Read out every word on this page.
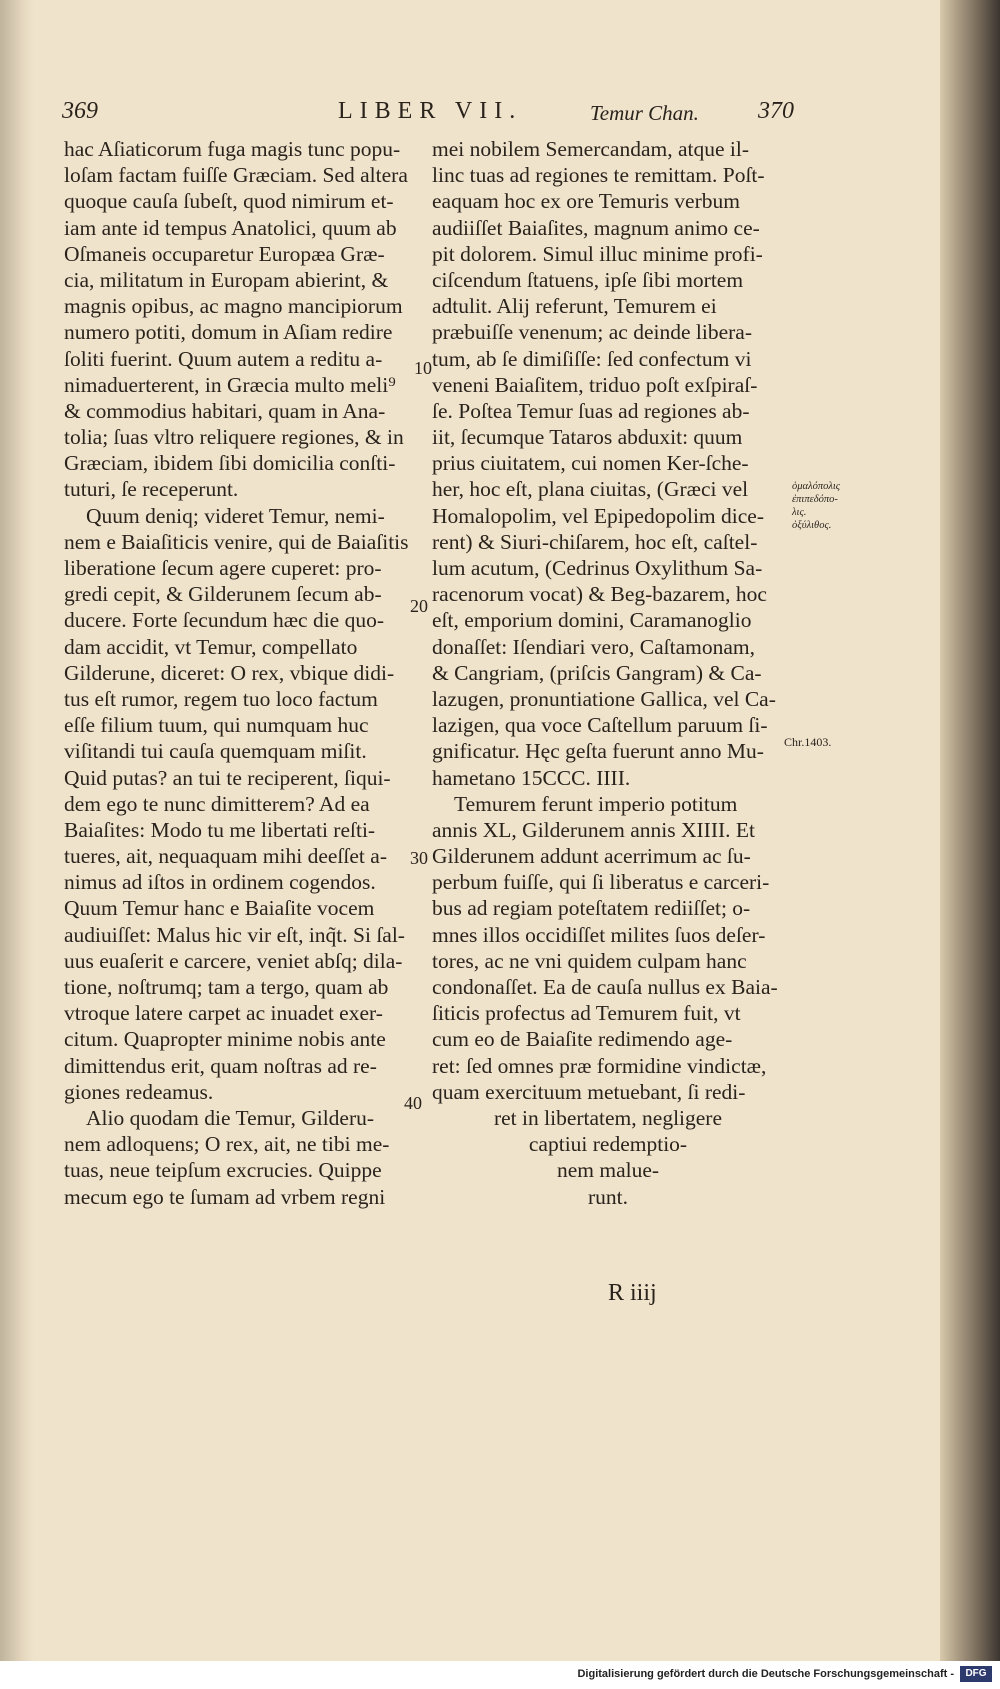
369	LIBER VII.	Temur Chan. 370
hac Aſiaticorum fuga magis tunc popu-
loſam factam fuiſſe Græciam. Sed altera
quoque cauſa ſubeſt, quod nimirum et-
iam ante id tempus Anatolici, quum ab
Oſmaneis occuparetur Europæa Græ-
cia, militatum in Europam abierint, &
magnis opibus, ac magno mancipiorum
numero potiti, domum in Aſiam redire
ſoliti fuerint. Quum autem a reditu a-
nimaduerterent, in Græcia multo meli⁹
& commodius habitari, quam in Ana-
tolia; ſuas vltro reliquere regiones, & in
Græciam, ibidem ſibi domicilia conſti-
tuturi, ſe receperunt.
Quum deniq; videret Temur, nemi-
nem e Baiaſiticis venire, qui de Baiaſitis
liberatione ſecum agere cuperet: pro-
gredi cepit, & Gilderunem ſecum ab-
ducere. Forte ſecundum hæc die quo-
dam accidit, vt Temur, compellato
Gilderune, diceret: O rex, vbique didi-
tus eſt rumor, regem tuo loco factum
eſſe filium tuum, qui numquam huc
viſitandi tui cauſa quemquam miſit.
Quid putas? an tui te reciperent, ſiqui-
dem ego te nunc dimitterem? Ad ea
Baiaſites: Modo tu me libertati reſti-
tueres, ait, nequaquam mihi deeſſet a-
nimus ad iſtos in ordinem cogendos.
Quum Temur hanc e Baiaſite vocem
audiuiſſet: Malus hic vir eſt, inq̃t. Si ſal-
uus euaſerit e carcere, veniet abſq; dila-
tione, noſtrumq; tam a tergo, quam ab
vtroque latere carpet ac inuadet exer-
citum. Quapropter minime nobis ante
dimittendus erit, quam noſtras ad re-
giones redeamus.
Alio quodam die Temur, Gilderu-
nem adloquens; O rex, ait, ne tibi me-
tuas, neue teipſum excrucies. Quippe
mecum ego te ſumam ad vrbem regni
mei nobilem Semercandam, atque il-
linc tuas ad regiones te remittam. Poſt-
eaquam hoc ex ore Temuris verbum
audiiſſet Baiaſites, magnum animo ce-
pit dolorem. Simul illuc minime profi-
ciſcendum ſtatuens, ipſe ſibi mortem
adtulit. Alij referunt, Temurem ei
præbuiſſe venenum; ac deinde libera-
tum, ab ſe dimiſiſſe: ſed confectum vi
veneni Baiaſitem, triduo poſt exſpiraſ-
ſe. Poſtea Temur ſuas ad regiones ab-
iit, ſecumque Tataros abduxit: quum
prius ciuitatem, cui nomen Ker-ſche-
her, hoc eſt, plana ciuitas, (Græci vel
Homalopolim, vel Epipedopolim dice-
rent) & Siuri-chiſarem, hoc eſt, caſtel-
lum acutum, (Cedrinus Oxylithum Sa-
racenorum vocat) & Beg-bazarem, hoc
eſt, emporium domini, Caramanoglio
donaſſet: Iſendiari vero, Caſtamonam,
& Cangriam, (priſcis Gangram) & Ca-
lazugen, pronuntiatione Gallica, vel Ca-
lazigen, qua voce Caſtellum paruum ſi-
gnificatur. Hęc geſta fuerunt anno Mu-
hametano 15CCC. IIII.
Temurem ferunt imperio potitum
annis XL, Gilderunem annis XIIII. Et
Gilderunem addunt acerrimum ac ſu-
perbum fuiſſe, qui ſi liberatus e carceri-
bus ad regiam poteſtatem rediiſſet; o-
mnes illos occidiſſet milites ſuos deſer-
tores, ac ne vni quidem culpam hanc
condonaſſet. Ea de cauſa nullus ex Baia-
ſiticis profectus ad Temurem fuit, vt
cum eo de Baiaſite redimendo age-
ret: ſed omnes præ formidine vindictæ,
quam exercituum metuebant, ſi redi-
ret in libertatem, negligere
captiui redemptio-
nem malue-
runt.
10
20
30
40
ὁμαλόπολις
ἐπιπεδόπο-
λις.
ὀξύλιθος.
Chr.1403.
R iiij
Digitalisierung gefördert durch die Deutsche Forschungsgemeinschaft -	DFG
